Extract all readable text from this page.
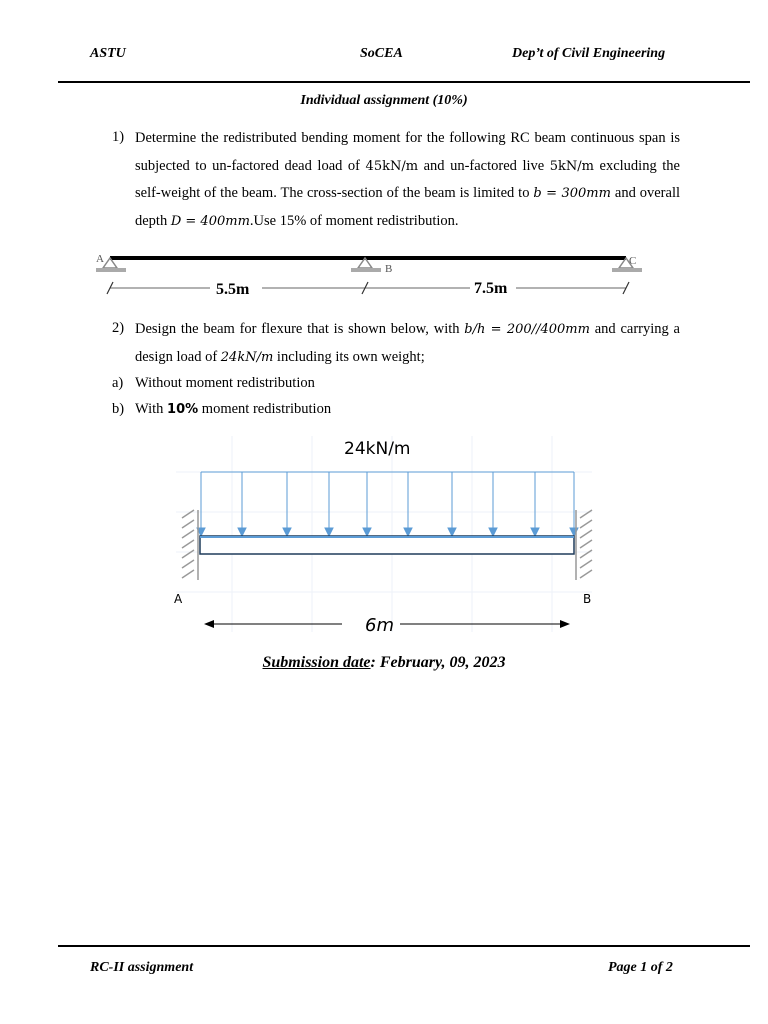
ASTU	SoCEA	Dep’t of Civil Engineering
Individual assignment (10%)
1) Determine the redistributed bending moment for the following RC beam continuous span is subjected to un-factored dead load of 45kN/m and un-factored live 5kN/m excluding the self-weight of the beam. The cross-section of the beam is limited to b = 300mm and overall depth D = 400mm.Use 15% of moment redistribution.
A
B
C
5.5m	7.5m
2) Design the beam for flexure that is shown below, with b/h = 200//400mm and carrying a design load of 24kN/m including its own weight;
a) Without moment redistribution
b) With 10% moment redistribution
24kN/m
A	B
6m
Submission date: February, 09, 2023
RC-II assignment	Page 1 of 2
